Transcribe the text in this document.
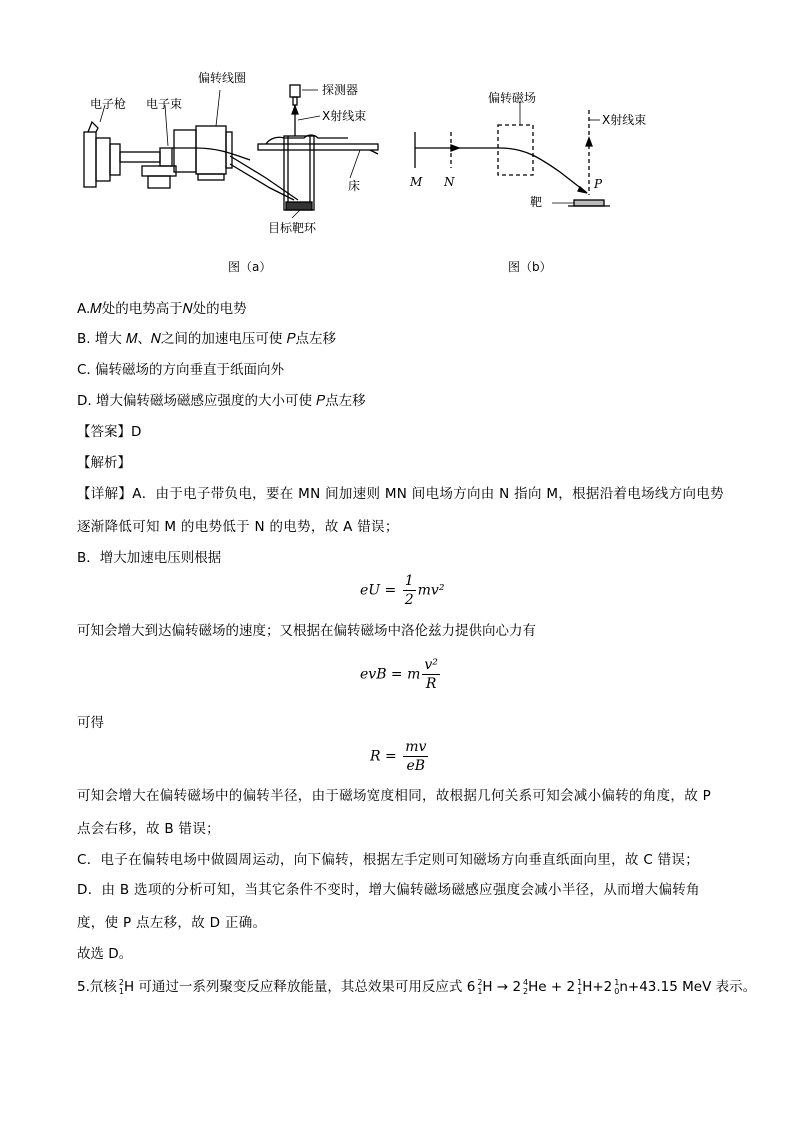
电子枪 电子束
偏转线圈
探测器
X射线束
床
目标靶环
图（a）
偏转磁场
X射线束
M N	P
靶
图（b）
A.𝑀处的电势高于𝑁处的电势
B. 增大 𝑀、𝑁之间的加速电压可使 𝑃点左移
C. 偏转磁场的方向垂直于纸面向外
D. 增大偏转磁场磁感应强度的大小可使 𝑃点左移
【答案】D
【解析】
【详解】A．由于电子带负电，要在 MN 间加速则 MN 间电场方向由 N 指向 M，根据沿着电场线方向电势逐渐降低可知 M 的电势低于 N 的电势，故 A 错误；
B．增大加速电压则根据
eU = $\frac{1}{2} mv^2$
可知会增大到达偏转磁场的速度；又根据在偏转磁场中洛伦兹力提供向心力有
evB = m $\frac{\text{v²}}{R}$
可得
$R = \frac{mv}{eB}$
可知会增大在偏转磁场中的偏转半径，由于磁场宽度相同，故根据几何关系可知会减小偏转的角度，故 P 点会右移，故 B 错误；
C．电子在偏转电场中做圆周运动，向下偏转，根据左手定则可知磁场方向垂直纸面向里，故 C 错误；
D．由 B 选项的分析可知，当其它条件不变时，增大偏转磁场磁感应强度会减小半径，从而增大偏转角度，使 P 点左移，故 D 正确。
故选 D。
5.氘核 2
1 H 可通过一系列聚变反应释放能量，其总效果可用反应式 6 2
1 H → 2 4
2 He + 2 1
1 H+2 1
0 n+43.15 MeV 表示。
